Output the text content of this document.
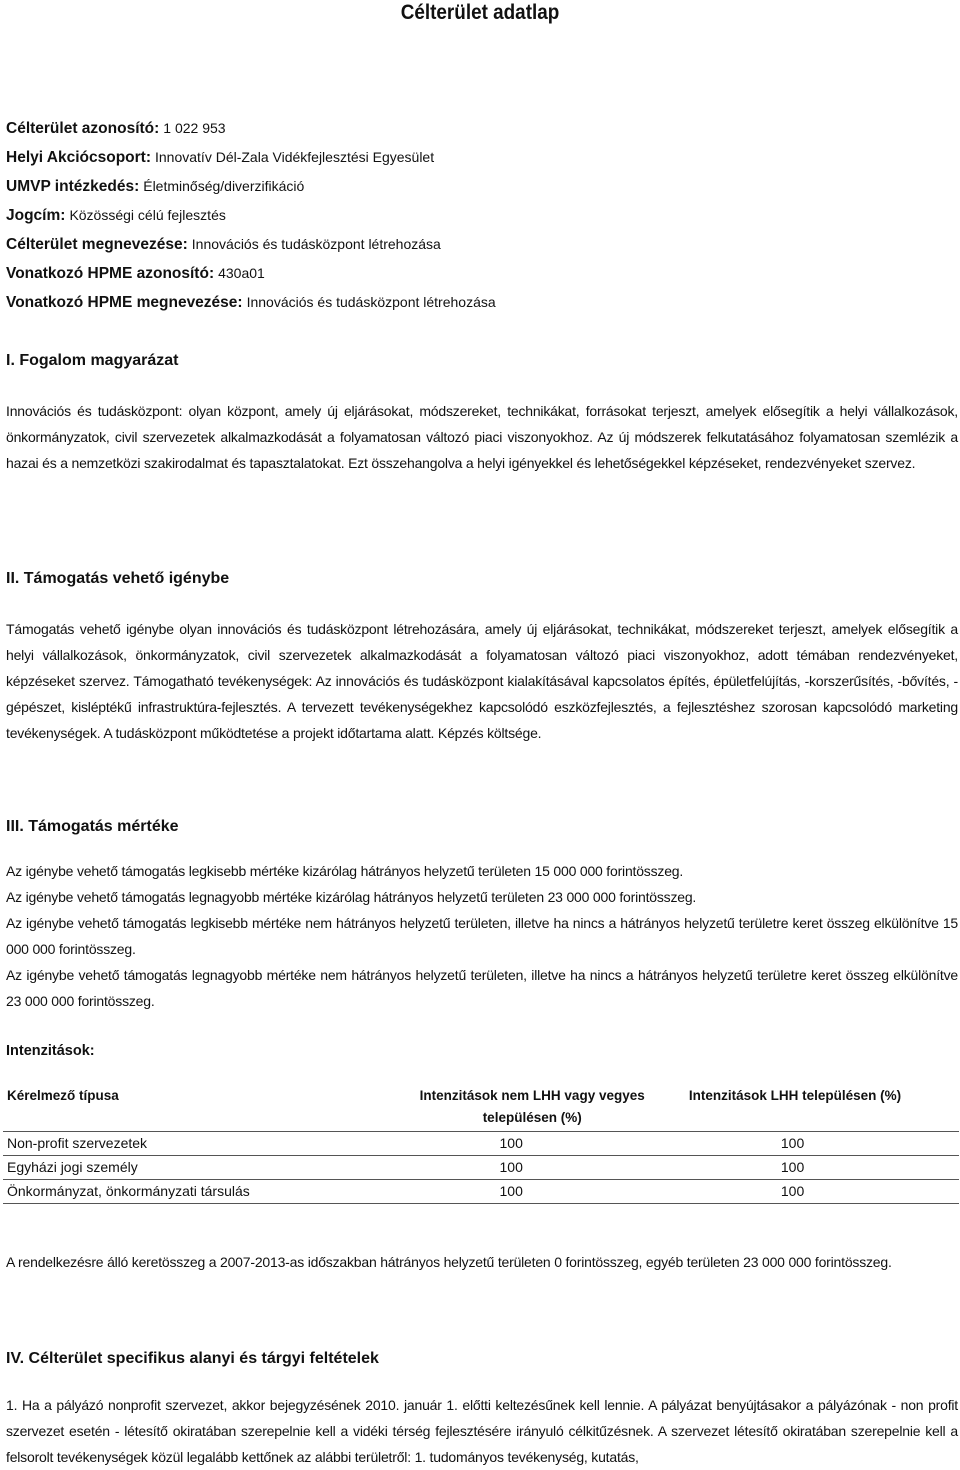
Célterület adatlap
Célterület azonosító: 1 022 953
Helyi Akciócsoport: Innovatív Dél-Zala Vidékfejlesztési Egyesület
UMVP intézkedés: Életminőség/diverzifikáció
Jogcím: Közösségi célú fejlesztés
Célterület megnevezése: Innovációs és tudásközpont létrehozása
Vonatkozó HPME azonosító: 430a01
Vonatkozó HPME megnevezése: Innovációs és tudásközpont létrehozása
I. Fogalom magyarázat

Innovációs és tudásközpont: olyan központ, amely új eljárásokat, módszereket, technikákat, forrásokat terjeszt, amelyek elősegítik a helyi vállalkozások, önkormányzatok, civil szervezetek alkalmazkodását a folyamatosan változó piaci viszonyokhoz. Az új módszerek felkutatásához folyamatosan szemlézik a hazai és a nemzetközi szakirodalmat és tapasztalatokat. Ezt összehangolva a helyi igényekkel és lehetőségekkel képzéseket, rendezvényeket szervez.

II. Támogatás vehető igénybe

Támogatás vehető igénybe olyan innovációs és tudásközpont létrehozására, amely új eljárásokat, technikákat, módszereket terjeszt, amelyek elősegítik a helyi vállalkozások, önkormányzatok, civil szervezetek alkalmazkodását a folyamatosan változó piaci viszonyokhoz, adott témában rendezvényeket, képzéseket szervez. Támogatható tevékenységek: Az innovációs és tudásközpont kialakításával kapcsolatos építés, épületfelújítás, -korszerűsítés, -bővítés, -gépészet, kisléptékű infrastruktúra-fejlesztés. A tervezett tevékenységekhez kapcsolódó eszközfejlesztés, a fejlesztéshez szorosan kapcsolódó marketing tevékenységek. A tudásközpont működtetése a projekt időtartama alatt. Képzés költsége.

III. Támogatás mértéke

Az igénybe vehető támogatás legkisebb mértéke kizárólag hátrányos helyzetű területen 15 000 000 forintösszeg.

Az igénybe vehető támogatás legnagyobb mértéke kizárólag hátrányos helyzetű területen 23 000 000 forintösszeg.

Az igénybe vehető támogatás legkisebb mértéke nem hátrányos helyzetű területen, illetve ha nincs a hátrányos helyzetű területre keret összeg elkülönítve 15 000 000 forintösszeg.

Az igénybe vehető támogatás legnagyobb mértéke nem hátrányos helyzetű területen, illetve ha nincs a hátrányos helyzetű területre keret összeg elkülönítve 23 000 000 forintösszeg.

Intenzitások:
Kérelmező típusa	Intenzitások nem LHH vagy vegyes településen (%)	Intenzitások LHH településen (%)
Non-profit szervezetek	100	100
Egyházi jogi személy	100	100
Önkormányzat, önkormányzati társulás	100	100

A rendelkezésre álló keretösszeg a 2007-2013-as időszakban hátrányos helyzetű területen 0 forintösszeg, egyéb területen 23 000 000 forintösszeg.

IV. Célterület specifikus alanyi és tárgyi feltételek

1. Ha a pályázó nonprofit szervezet, akkor bejegyzésének 2010. január 1. előtti keltezésűnek kell lennie. A pályázat benyújtásakor a pályázónak - non profit szervezet esetén - létesítő okiratában szerepelnie kell a vidéki térség fejlesztésére irányuló célkitűzésnek. A szervezet létesítő okiratában szerepelnie kell a felsorolt tevékenységek közül legalább kettőnek az alábbi területről: 1. tudományos tevékenység, kutatás,
